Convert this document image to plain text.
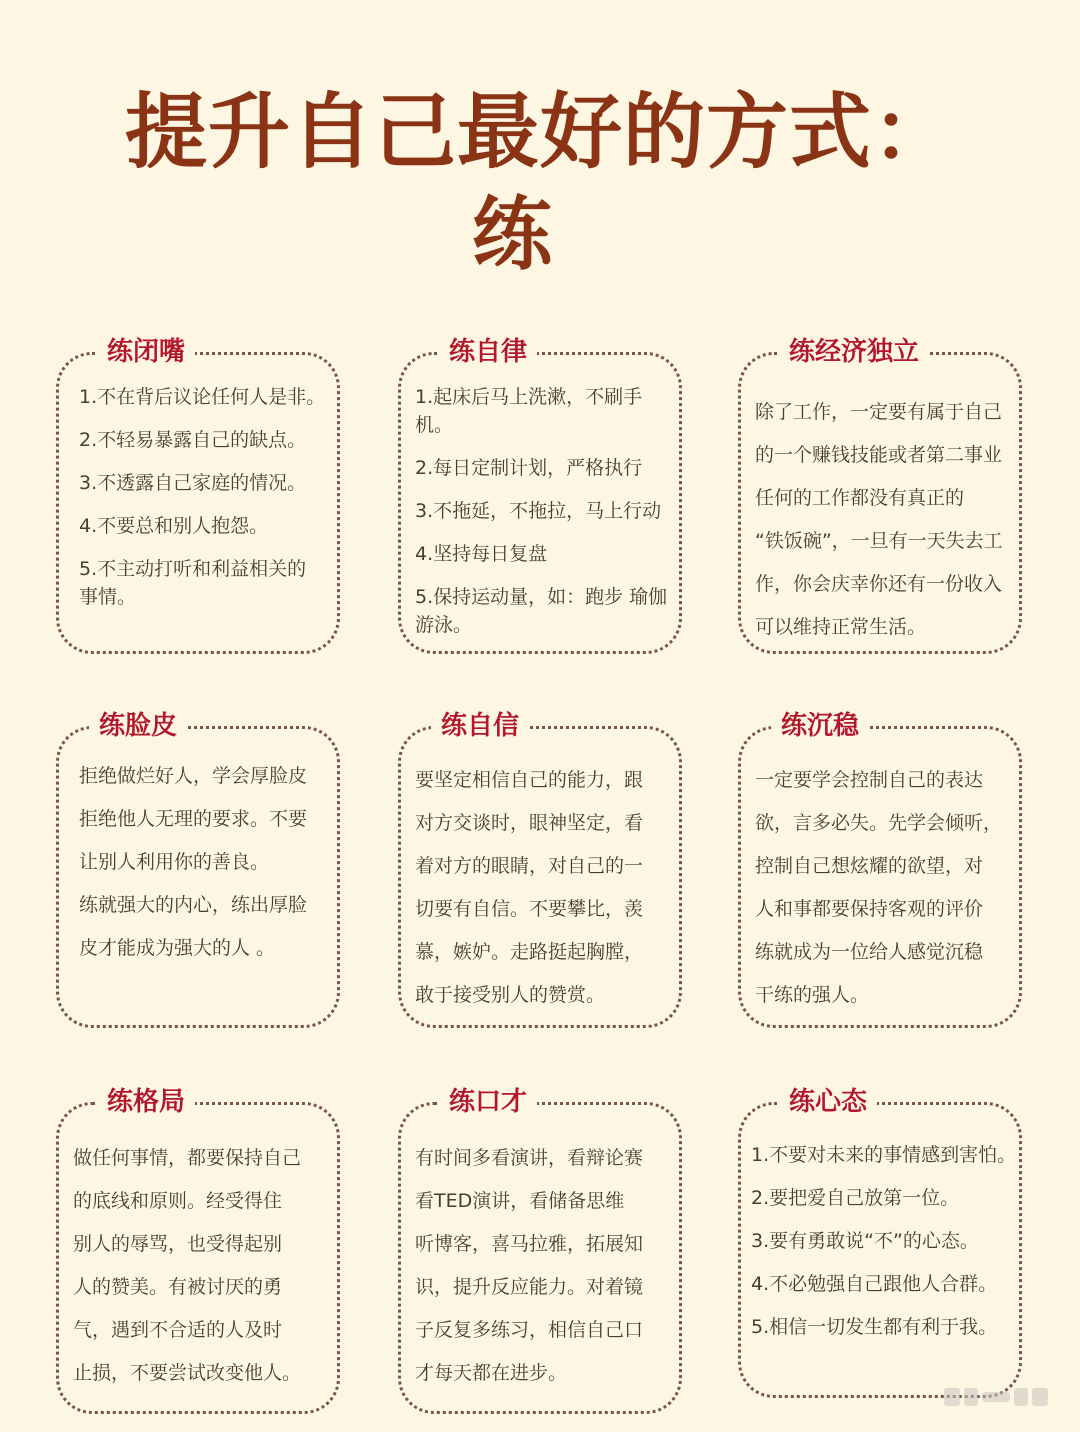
提升自己最好的方式：
练
练闭嘴
1.不在背后议论任何人是非。
2.不轻易暴露自己的缺点。
3.不透露自己家庭的情况。
4.不要总和别人抱怨。
5.不主动打听和利益相关的事情。
练自律
1.起床后马上洗漱，不刷手机。
2.每日定制计划，严格执行
3.不拖延，不拖拉，马上行动
4.坚持每日复盘
5.保持运动量，如：跑步 瑜伽 游泳。
练经济独立
除了工作，一定要有属于自己
的一个赚钱技能或者第二事业
任何的工作都没有真正的
“铁饭碗”，一旦有一天失去工
作，你会庆幸你还有一份收入
可以维持正常生活。
练脸皮
拒绝做烂好人，学会厚脸皮
拒绝他人无理的要求。不要
让别人利用你的善良。
练就强大的内心，练出厚脸
皮才能成为强大的人 。
练自信
要坚定相信自己的能力，跟
对方交谈时，眼神坚定，看
着对方的眼睛，对自己的一
切要有自信。不要攀比，羡
慕，嫉妒。走路挺起胸膛，
敢于接受别人的赞赏。
练沉稳
一定要学会控制自己的表达
欲，言多必失。先学会倾听，
控制自己想炫耀的欲望，对
人和事都要保持客观的评价
练就成为一位给人感觉沉稳
干练的强人。
练格局
做任何事情，都要保持自己
的底线和原则。经受得住
别人的辱骂，也受得起别
人的赞美。有被讨厌的勇
气，遇到不合适的人及时
止损，不要尝试改变他人。
练口才
有时间多看演讲，看辩论赛
看TED演讲，看储备思维
听博客，喜马拉雅，拓展知
识，提升反应能力。对着镜
子反复多练习，相信自己口
才每天都在进步。
练心态
1.不要对未来的事情感到害怕。
2.要把爱自己放第一位。
3.要有勇敢说“不”的心态。
4.不必勉强自己跟他人合群。
5.相信一切发生都有利于我。
